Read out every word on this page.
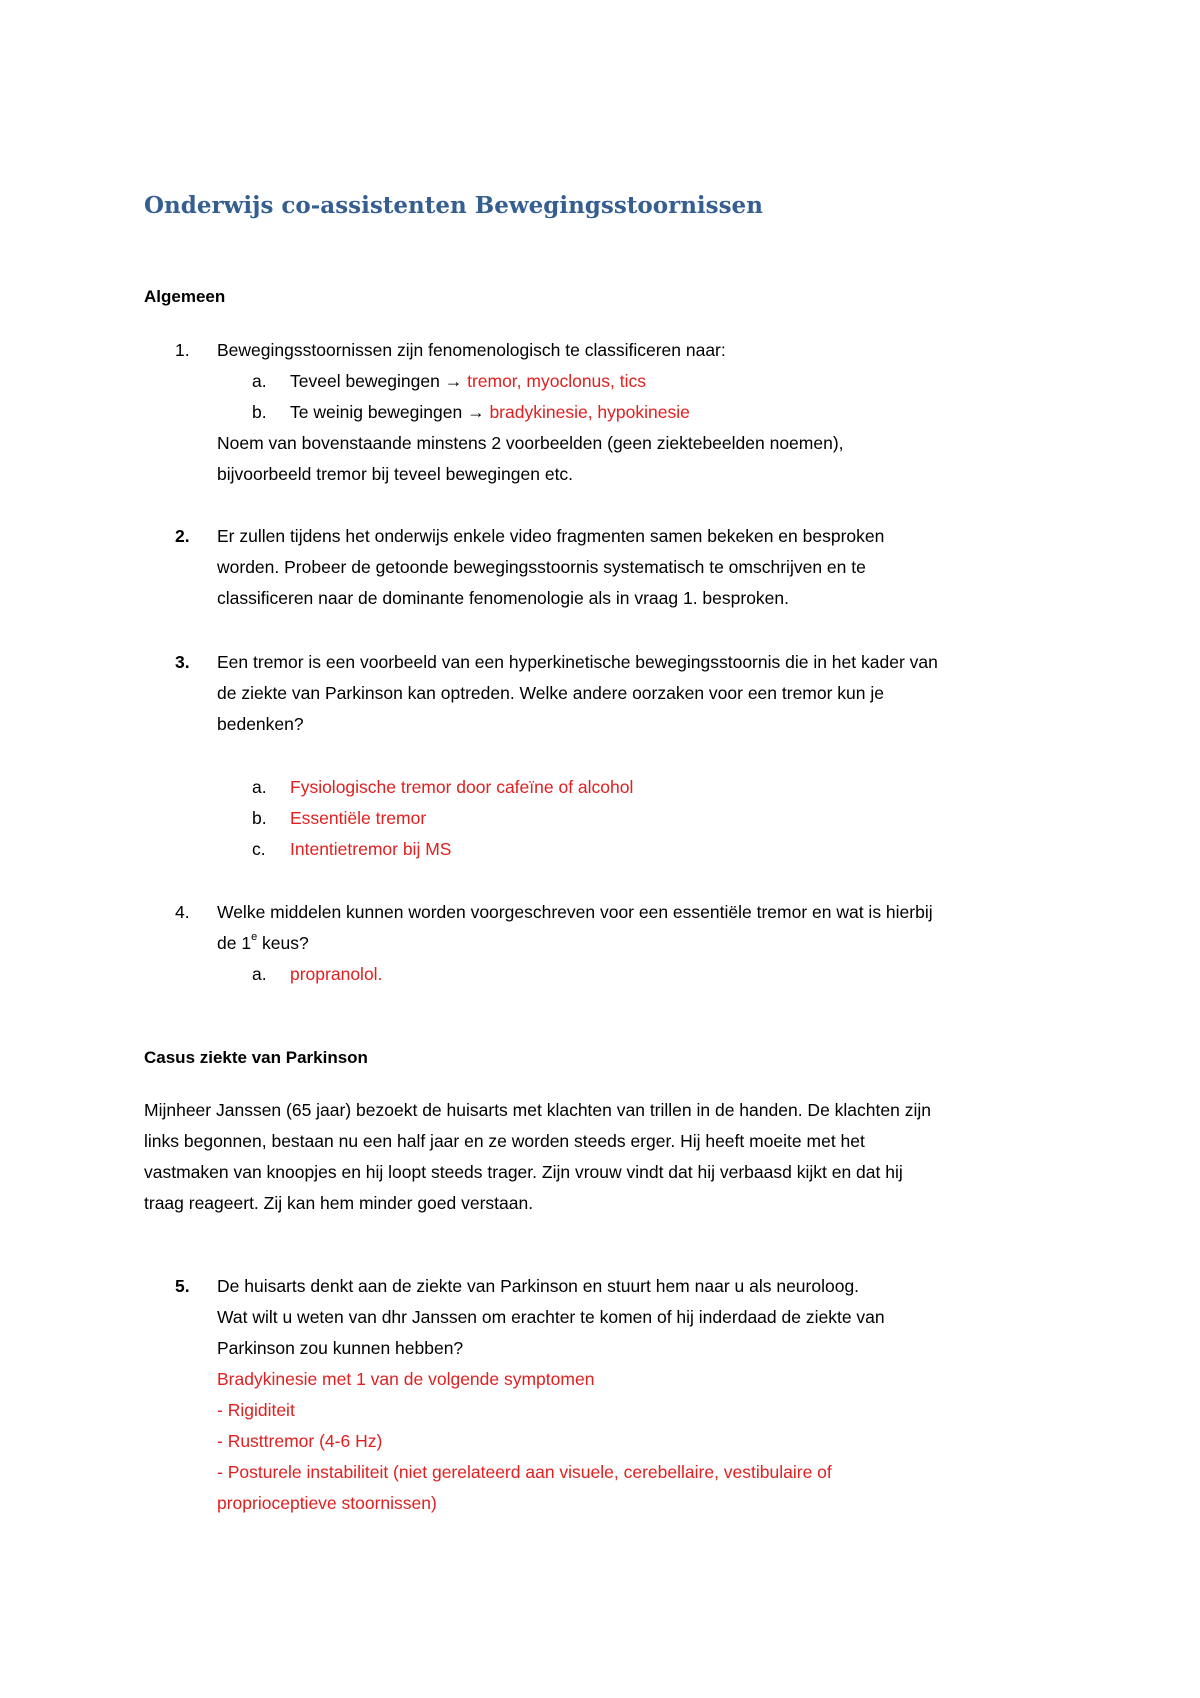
Onderwijs co-assistenten Bewegingsstoornissen
Algemeen
1. Bewegingsstoornissen zijn fenomenologisch te classificeren naar:
a. Teveel bewegingen → tremor, myoclonus, tics
b. Te weinig bewegingen → bradykinesie, hypokinesie
Noem van bovenstaande minstens 2 voorbeelden (geen ziektebeelden noemen),
bijvoorbeeld tremor bij teveel bewegingen etc.
2. Er zullen tijdens het onderwijs enkele video fragmenten samen bekeken en besproken
worden. Probeer de getoonde bewegingsstoornis systematisch te omschrijven en te
classificeren naar de dominante fenomenologie als in vraag 1. besproken.
3. Een tremor is een voorbeeld van een hyperkinetische bewegingsstoornis die in het kader van
de ziekte van Parkinson kan optreden. Welke andere oorzaken voor een tremor kun je
bedenken?
a. Fysiologische tremor door cafeïne of alcohol
b. Essentiële tremor
c. Intentietremor bij MS
4. Welke middelen kunnen worden voorgeschreven voor een essentiële tremor en wat is hierbij
de 1e keus?
a. propranolol.
Casus ziekte van Parkinson
Mijnheer Janssen (65 jaar) bezoekt de huisarts met klachten van trillen in de handen. De klachten zijn
links begonnen, bestaan nu een half jaar en ze worden steeds erger. Hij heeft moeite met het
vastmaken van knoopjes en hij loopt steeds trager. Zijn vrouw vindt dat hij verbaasd kijkt en dat hij
traag reageert. Zij kan hem minder goed verstaan.
5. De huisarts denkt aan de ziekte van Parkinson en stuurt hem naar u als neuroloog.
Wat wilt u weten van dhr Janssen om erachter te komen of hij inderdaad de ziekte van
Parkinson zou kunnen hebben?
Bradykinesie met 1 van de volgende symptomen
- Rigiditeit
- Rusttremor (4-6 Hz)
- Posturele instabiliteit (niet gerelateerd aan visuele, cerebellaire, vestibulaire of
proprioceptieve stoornissen)
